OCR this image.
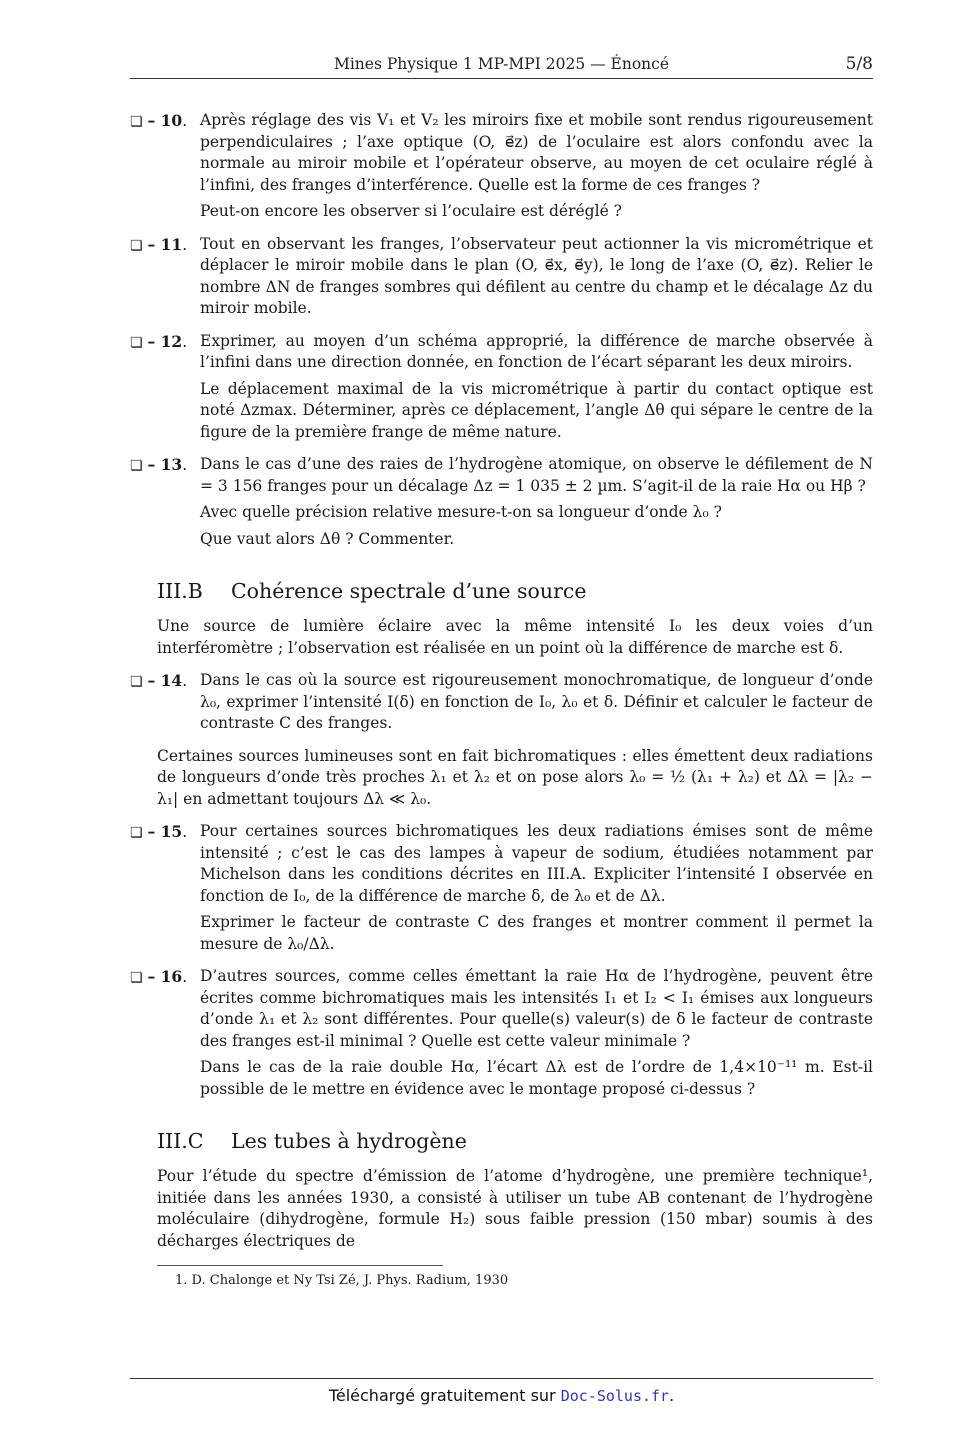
Mines Physique 1 MP-MPI 2025 — Énoncé	5/8
❏ – 10. Après réglage des vis V₁ et V₂ les miroirs fixe et mobile sont rendus rigoureusement perpendiculaires ; l’axe optique (O, e⃗z) de l’oculaire est alors confondu avec la normale au miroir mobile et l’opérateur observe, au moyen de cet oculaire réglé à l’infini, des franges d’interférence. Quelle est la forme de ces franges ?

Peut-on encore les observer si l’oculaire est déréglé ?

❏ – 11. Tout en observant les franges, l’observateur peut actionner la vis micrométrique et déplacer le miroir mobile dans le plan (O, e⃗x, e⃗y), le long de l’axe (O, e⃗z). Relier le nombre ΔN de franges sombres qui défilent au centre du champ et le décalage Δz du miroir mobile.

❏ – 12. Exprimer, au moyen d’un schéma approprié, la différence de marche observée à l’infini dans une direction donnée, en fonction de l’écart séparant les deux miroirs.

Le déplacement maximal de la vis micrométrique à partir du contact optique est noté Δzmax. Déterminer, après ce déplacement, l’angle Δθ qui sépare le centre de la figure de la première frange de même nature.

❏ – 13. Dans le cas d’une des raies de l’hydrogène atomique, on observe le défilement de N = 3 156 franges pour un décalage Δz = 1 035 ± 2 µm. S’agit-il de la raie Hα ou Hβ ?

Avec quelle précision relative mesure-t-on sa longueur d’onde λ₀ ?

Que vaut alors Δθ ? Commenter.

III.B Cohérence spectrale d’une source

Une source de lumière éclaire avec la même intensité I₀ les deux voies d’un interféromètre ; l’observation est réalisée en un point où la différence de marche est δ.

❏ – 14. Dans le cas où la source est rigoureusement monochromatique, de longueur d’onde λ₀, exprimer l’intensité I(δ) en fonction de I₀, λ₀ et δ. Définir et calculer le facteur de contraste C des franges.

Certaines sources lumineuses sont en fait bichromatiques : elles émettent deux radiations de longueurs d’onde très proches λ₁ et λ₂ et on pose alors λ₀ = ½ (λ₁ + λ₂) et Δλ = |λ₂ − λ₁| en admettant toujours Δλ ≪ λ₀.

❏ – 15. Pour certaines sources bichromatiques les deux radiations émises sont de même intensité ; c’est le cas des lampes à vapeur de sodium, étudiées notamment par Michelson dans les conditions décrites en III.A. Expliciter l’intensité I observée en fonction de I₀, de la différence de marche δ, de λ₀ et de Δλ.

Exprimer le facteur de contraste C des franges et montrer comment il permet la mesure de λ₀/Δλ.

❏ – 16. D’autres sources, comme celles émettant la raie Hα de l’hydrogène, peuvent être écrites comme bichromatiques mais les intensités I₁ et I₂ < I₁ émises aux longueurs d’onde λ₁ et λ₂ sont différentes. Pour quelle(s) valeur(s) de δ le facteur de contraste des franges est-il minimal ? Quelle est cette valeur minimale ?

Dans le cas de la raie double Hα, l’écart Δλ est de l’ordre de 1,4×10⁻¹¹ m. Est-il possible de le mettre en évidence avec le montage proposé ci-dessus ?

III.C Les tubes à hydrogène

Pour l’étude du spectre d’émission de l’atome d’hydrogène, une première technique¹, initiée dans les années 1930, a consisté à utiliser un tube AB contenant de l’hydrogène moléculaire (dihydrogène, formule H₂) sous faible pression (150 mbar) soumis à des décharges électriques de

1. D. Chalonge et Ny Tsi Zé, J. Phys. Radium, 1930
Téléchargé gratuitement sur Doc-Solus.fr.
